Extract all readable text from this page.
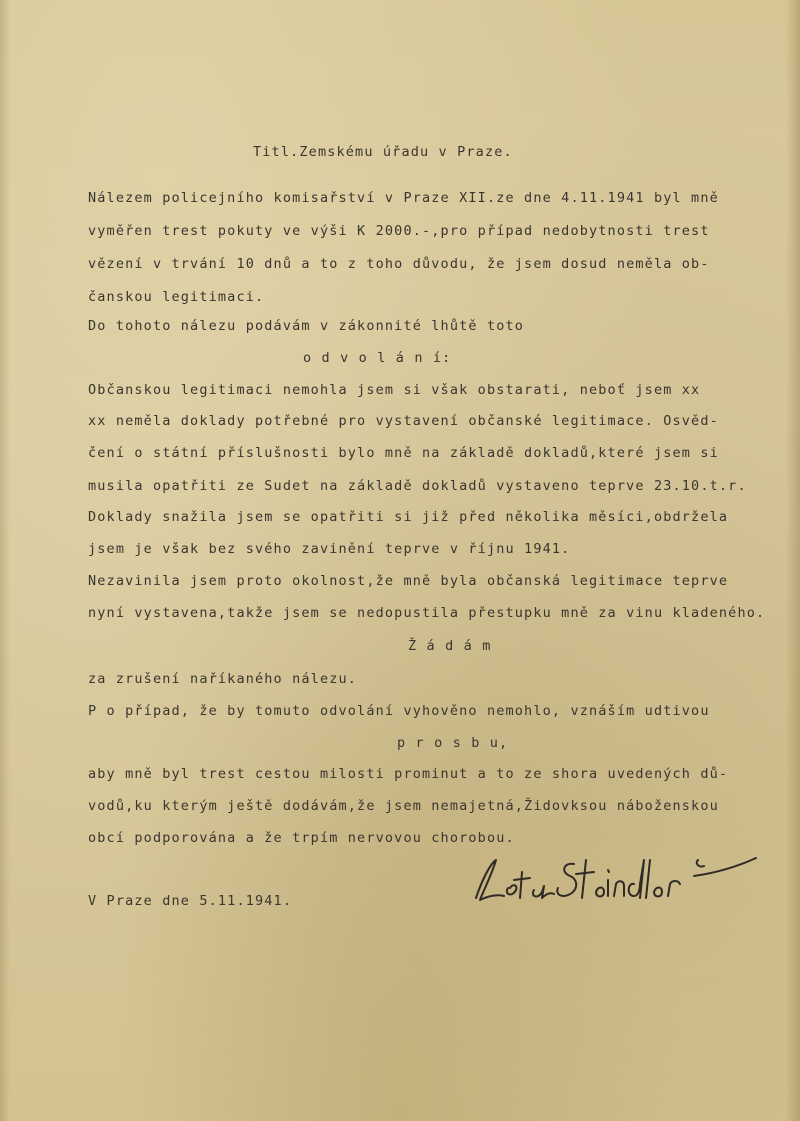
Titl.Zemskému úřadu v Praze.
Nálezem policejního komisařství v Praze XII.ze dne 4.11.1941 byl mně
vyměřen trest pokuty ve výši K 2000.-,pro případ nedobytnosti trest
vězení v trvání 10 dnů a to z toho důvodu, že jsem dosud neměla ob-
čanskou legitimaci.
Do tohoto nálezu podávám v zákonnité lhůtě toto
o d v o l á n í:
Občanskou legitimaci nemohla jsem si však obstarati, neboť jsem xx
xx neměla doklady potřebné pro vystavení občanské legitimace. Osvěd-
čení o státní příslušnosti bylo mně na základě dokladů,které jsem si
musila opatřiti ze Sudet na základě dokladů vystaveno teprve 23.10.t.r.
Doklady snažila jsem se opatřiti si již před několika měsíci,obdržela
jsem je však bez svého zavinění teprve v říjnu 1941.
Nezavinila jsem proto okolnost,že mně byla občanská legitimace teprve
nyní vystavena,takže jsem se nedopustila přestupku mně za vinu kladeného.
Ž á d á m
za zrušení naříkaného nálezu.
P o případ, že by tomuto odvolání vyhověno nemohlo, vznáším udtivou
p r o s b u,
aby mně byl trest cestou milosti prominut a to ze shora uvedených dů-
vodů,ku kterým ještě dodávám,že jsem nemajetná,Židovksou náboženskou
obcí podporována a že trpím nervovou chorobou.
V Praze dne 5.11.1941.
